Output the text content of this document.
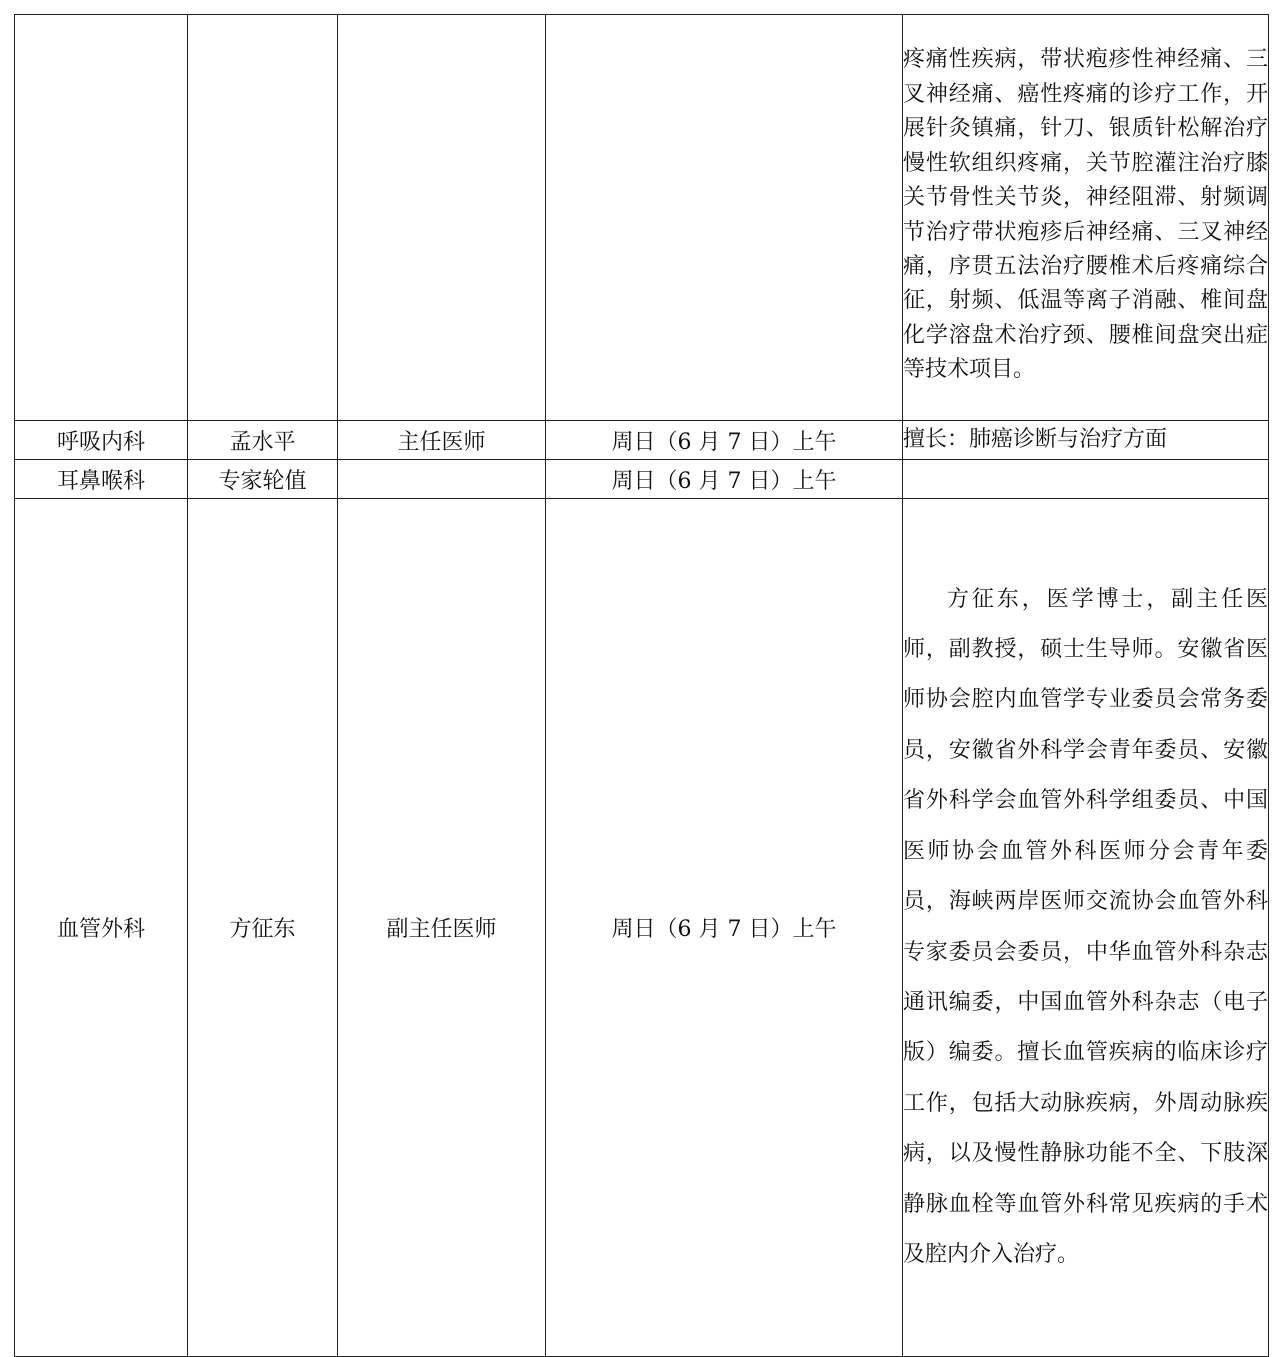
				疼痛性疾病，带状疱疹性神经痛、三叉神经痛、癌性疼痛的诊疗工作，开展针灸镇痛，针刀、银质针松解治疗慢性软组织疼痛，关节腔灌注治疗膝关节骨性关节炎，神经阻滞、射频调节治疗带状疱疹后神经痛、三叉神经痛，序贯五法治疗腰椎术后疼痛综合征，射频、低温等离子消融、椎间盘化学溶盘术治疗颈、腰椎间盘突出症等技术项目。

呼吸内科	孟水平	主任医师	周日（6 月 7 日）上午	擅长：肺癌诊断与治疗方面

耳鼻喉科	专家轮值		周日（6 月 7 日）上午	

血管外科	方征东	副主任医师	周日（6 月 7 日）上午	方征东，医学博士，副主任医师，副教授，硕士生导师。安徽省医师协会腔内血管学专业委员会常务委员，安徽省外科学会青年委员、安徽省外科学会血管外科学组委员、中国医师协会血管外科医师分会青年委员，海峡两岸医师交流协会血管外科专家委员会委员，中华血管外科杂志通讯编委，中国血管外科杂志（电子版）编委。擅长血管疾病的临床诊疗工作，包括大动脉疾病，外周动脉疾病，以及慢性静脉功能不全、下肢深静脉血栓等血管外科常见疾病的手术及腔内介入治疗。
